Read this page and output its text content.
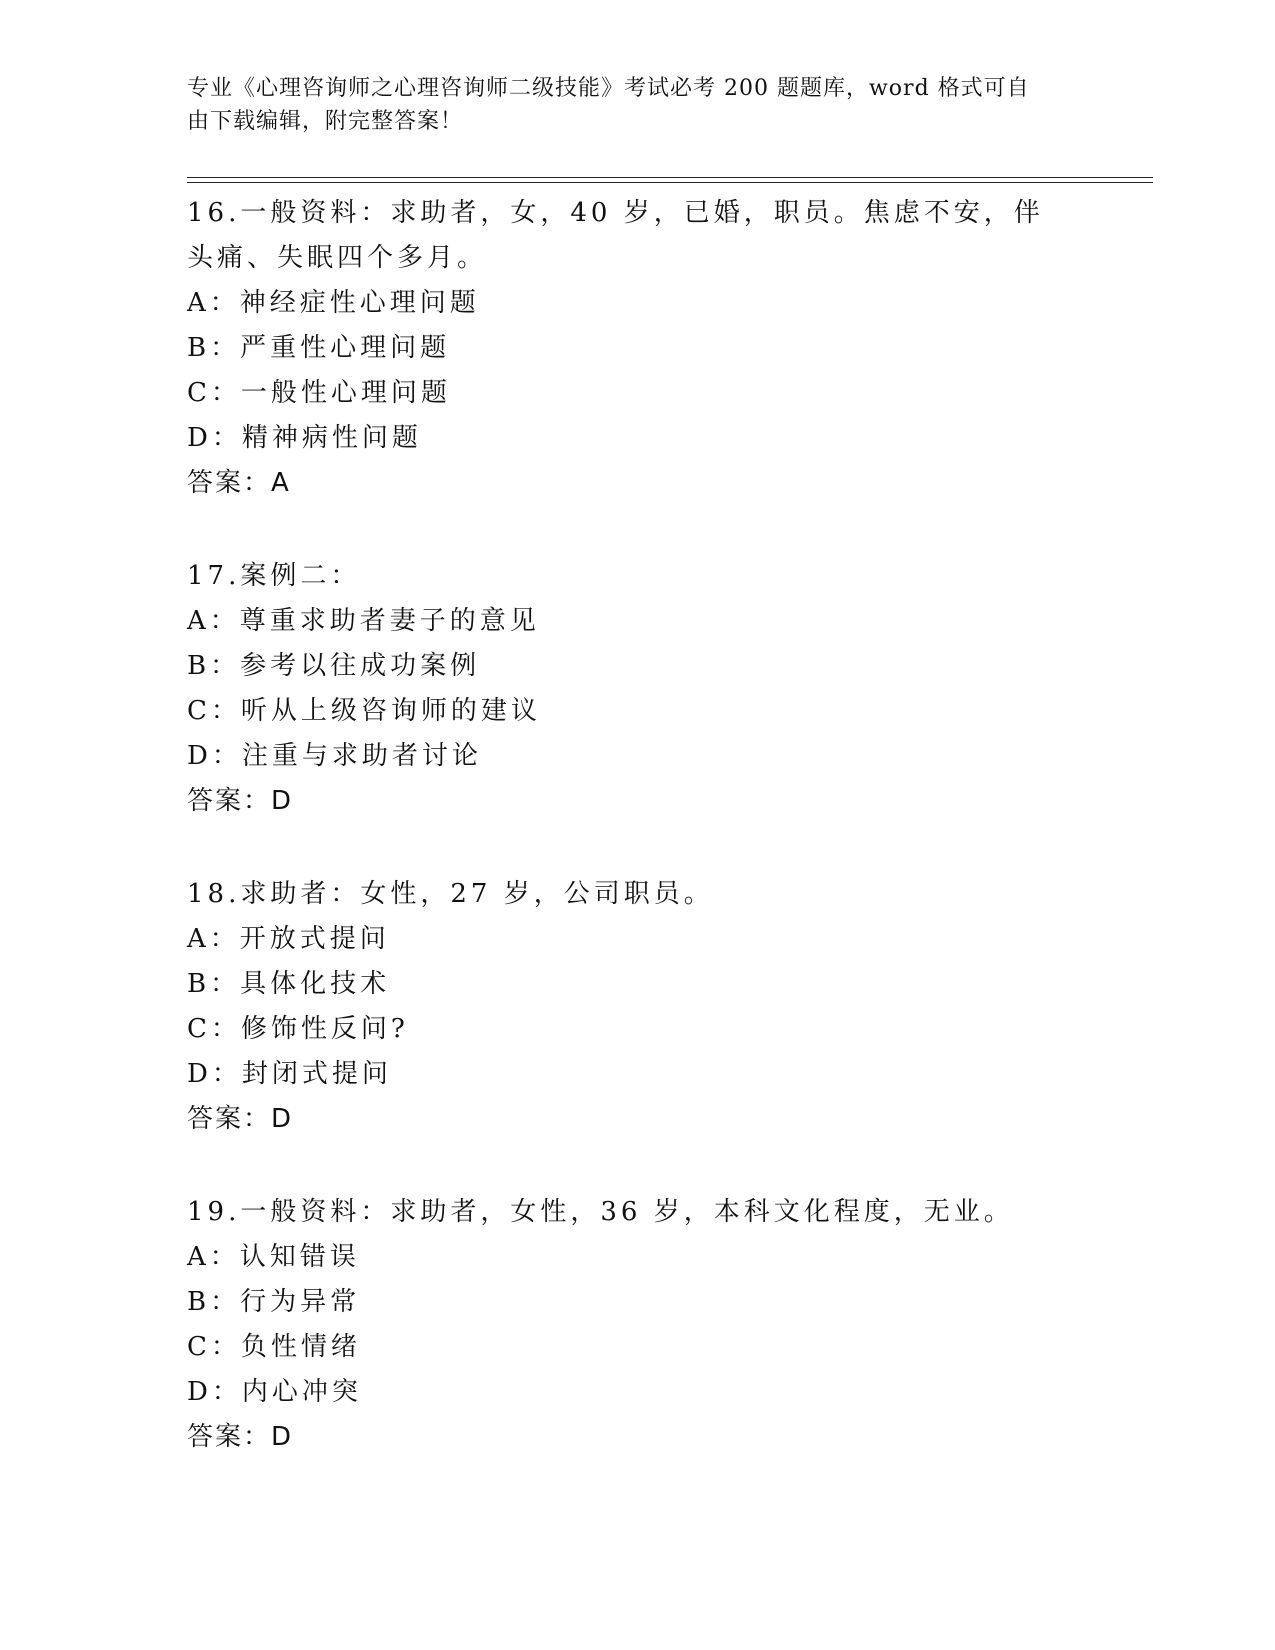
专业《心理咨询师之心理咨询师二级技能》考试必考 200 题题库，word 格式可自
由下载编辑，附完整答案！

16.一般资料：求助者，女，40 岁，已婚，职员。焦虑不安，伴头痛、失眠四个多月。

A：神经症性心理问题

B：严重性心理问题

C：一般性心理问题

D：精神病性问题

答案：A

17.案例二：

A：尊重求助者妻子的意见

B：参考以往成功案例

C：听从上级咨询师的建议

D：注重与求助者讨论

答案：D

18.求助者：女性，27 岁，公司职员。

A：开放式提问

B：具体化技术

C：修饰性反问?

D：封闭式提问

答案：D

19.一般资料：求助者，女性，36 岁，本科文化程度，无业。

A：认知错误

B：行为异常

C：负性情绪

D：内心冲突

答案：D
